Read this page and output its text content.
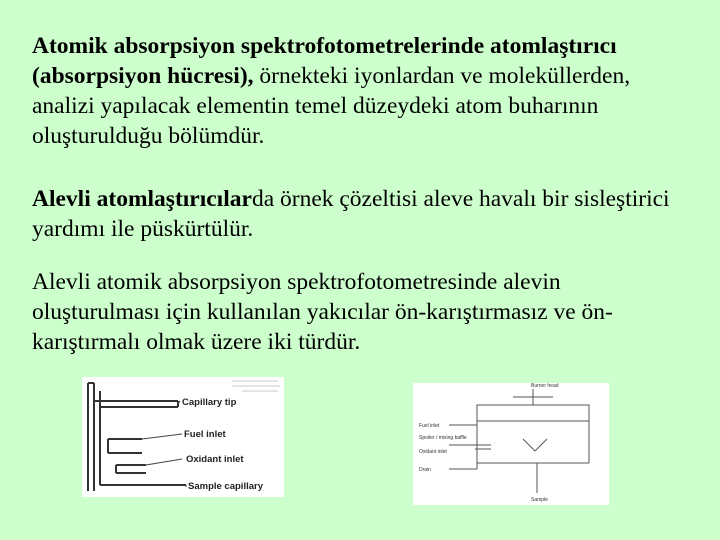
Atomik absorpsiyon spektrofotometrelerinde atomlaştırıcı (absorpsiyon hücresi), örnekteki iyonlardan ve moleküllerden, analizi yapılacak elementin temel düzeydeki atom buharının oluşturulduğu bölümdür.

Alevli atomlaştırıcılarda örnek çözeltisi aleve havalı bir sisleştirici yardımı ile püskürtülür.

Alevli atomik absorpsiyon spektrofotometresinde alevin oluşturulması için kullanılan yakıcılar ön-karıştırmasız ve ön-karıştırmalı olmak üzere iki türdür.

Capillary tip
Fuel inlet
Oxidant inlet
Sample capillary
Burner head
Fuel inlet
Spoiler / mixing baffle
Oxidant inlet
Drain
Sample
